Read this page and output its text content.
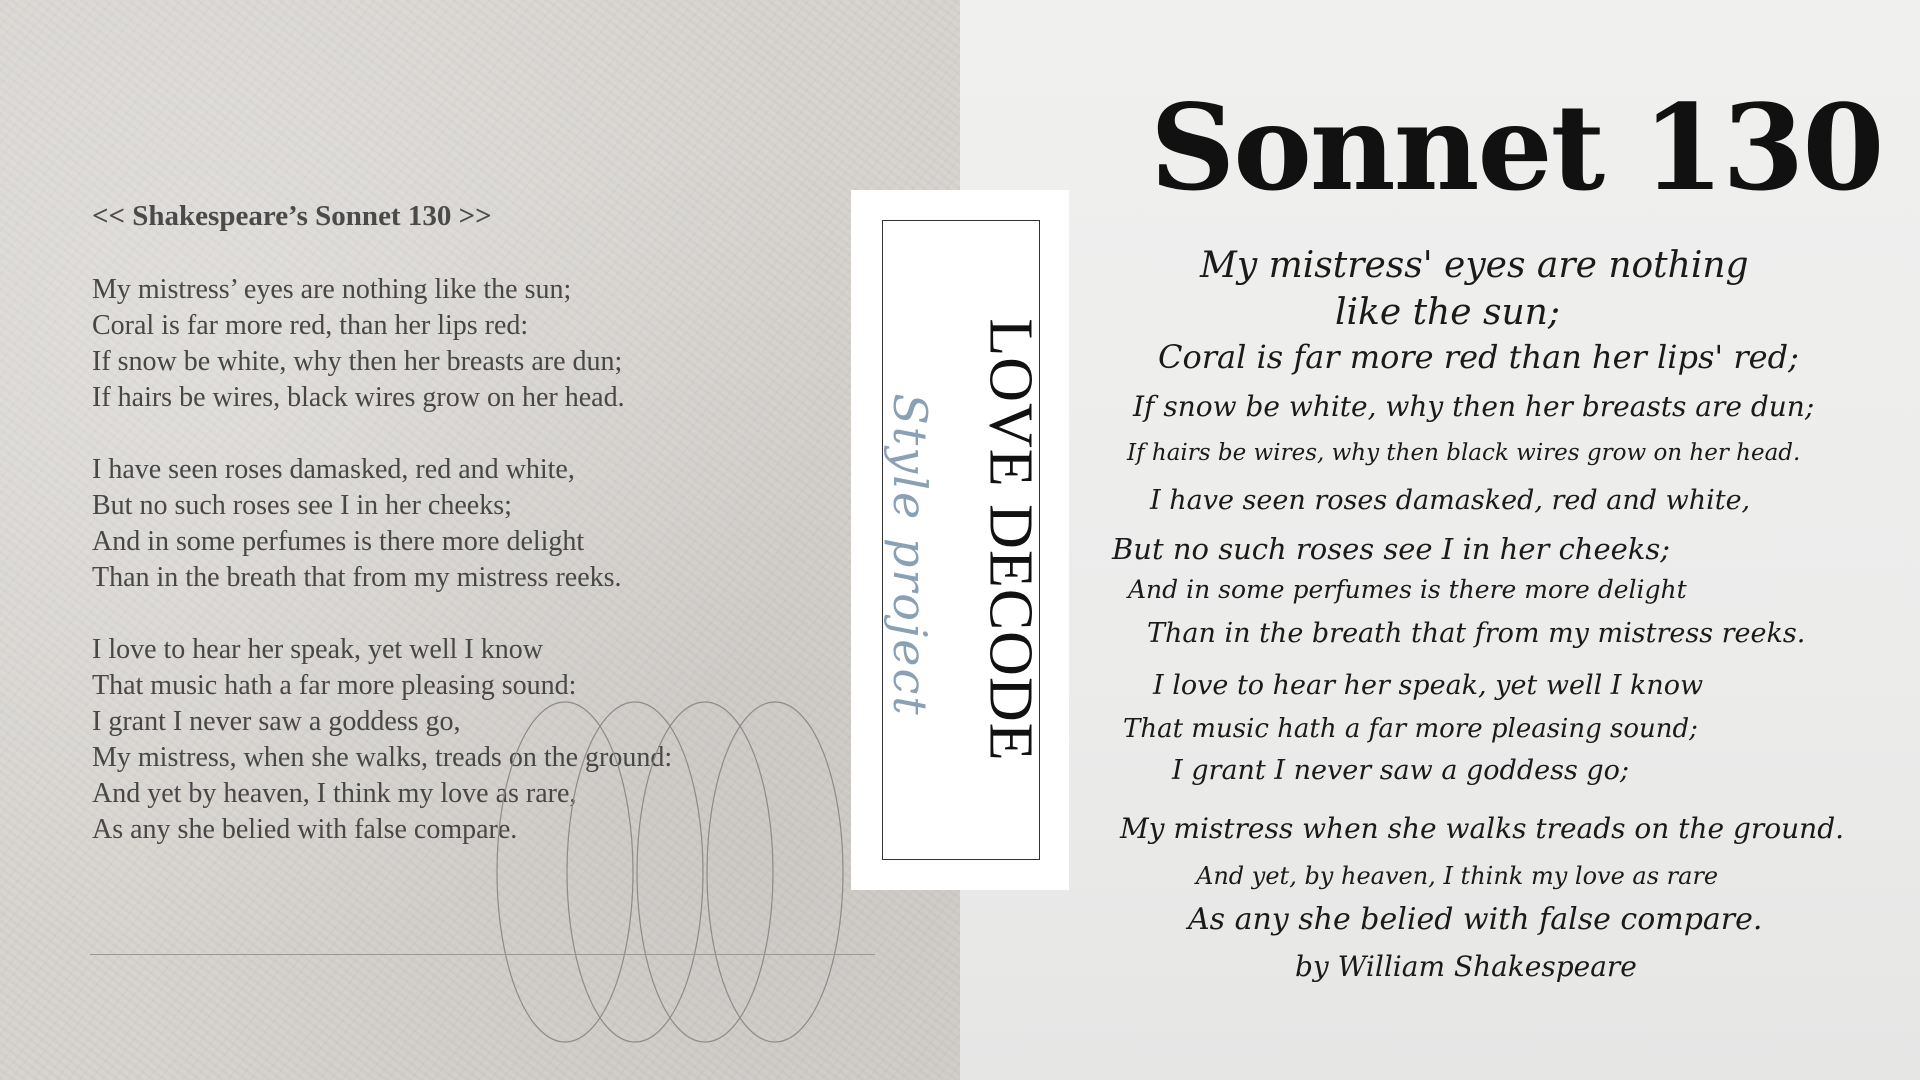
<< Shakespeare’s Sonnet 130 >>
My mistress’ eyes are nothing like the sun;
Coral is far more red, than her lips red:
If snow be white, why then her breasts are dun;
If hairs be wires, black wires grow on her head.
I have seen roses damasked, red and white,
But no such roses see I in her cheeks;
And in some perfumes is there more delight
Than in the breath that from my mistress reeks.
I love to hear her speak, yet well I know
That music hath a far more pleasing sound:
I grant I never saw a goddess go,
My mistress, when she walks, treads on the ground:
And yet by heaven, I think my love as rare,
As any she belied with false compare.
Style project LOVE DECODE
Sonnet 130
My mistress' eyes are nothing
like the sun;
Coral is far more red than her lips' red;
If snow be white, why then her breasts are dun;
If hairs be wires, why then black wires grow on her head.
I have seen roses damasked, red and white,
But no such roses see I in her cheeks;
And in some perfumes is there more delight
Than in the breath that from my mistress reeks.
I love to hear her speak, yet well I know
That music hath a far more pleasing sound;
I grant I never saw a goddess go;
My mistress when she walks treads on the ground.
And yet, by heaven, I think my love as rare
As any she belied with false compare.
by William Shakespeare
